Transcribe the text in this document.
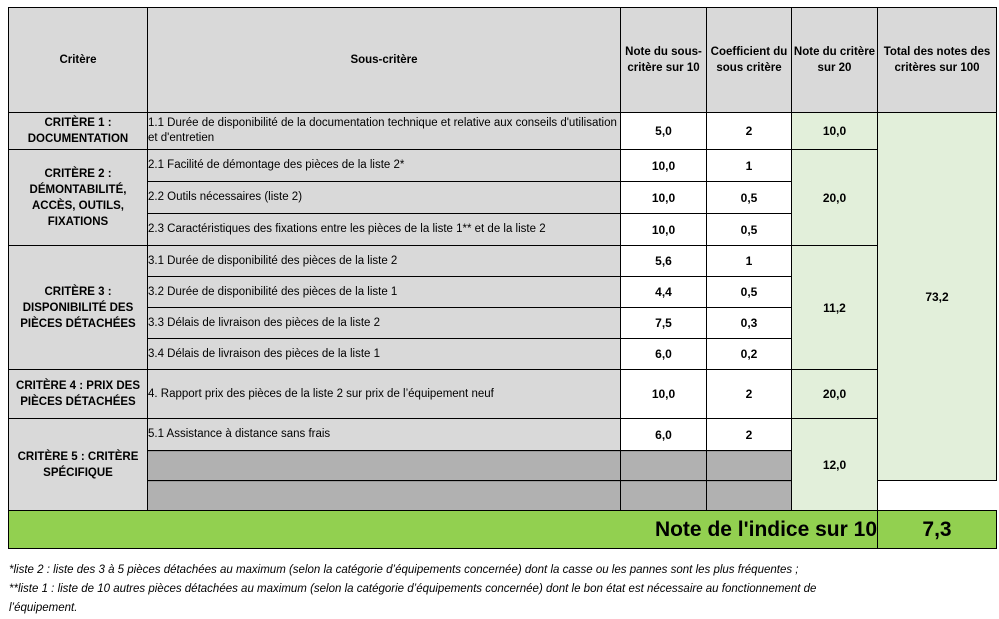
Critère	Sous-critère	Note du sous-critère sur 10	Coefficient du sous critère	Note du critère sur 20	Total des notes des critères sur 100
CRITÈRE 1 : DOCUMENTATION	1.1 Durée de disponibilité de la documentation technique et relative aux conseils d'utilisation et d'entretien	5,0	2	10,0	73,2
CRITÈRE 2 : DÉMONTABILITÉ, ACCÈS, OUTILS, FIXATIONS	2.1 Facilité de démontage des pièces de la liste 2*	10,0	1	20,0	
	2.2 Outils nécessaires (liste 2)	10,0	0,5		
	2.3 Caractéristiques des fixations entre les pièces de la liste 1** et de la liste 2	10,0	0,5		
CRITÈRE 3 : DISPONIBILITÉ DES PIÈCES DÉTACHÉES	3.1 Durée de disponibilité des pièces de la liste 2	5,6	1	11,2	
	3.2 Durée de disponibilité des pièces de la liste 1	4,4	0,5		
	3.3 Délais de livraison des pièces de la liste 2	7,5	0,3		
	3.4 Délais de livraison des pièces de la liste 1	6,0	0,2		
CRITÈRE 4 : PRIX DES PIÈCES DÉTACHÉES	4. Rapport prix des pièces de la liste 2 sur prix de l’équipement neuf	10,0	2	20,0	
CRITÈRE 5 : CRITÈRE SPÉCIFIQUE	5.1 Assistance à distance sans frais	6,0	2	12,0	

Note de l'indice sur 10					7,3

*liste 2 : liste des 3 à 5 pièces détachées au maximum (selon la catégorie d’équipements concernée) dont la casse ou les pannes sont les plus fréquentes ;

**liste 1 : liste de 10 autres pièces détachées au maximum (selon la catégorie d’équipements concernée) dont le bon état est nécessaire au fonctionnement de

l’équipement.
